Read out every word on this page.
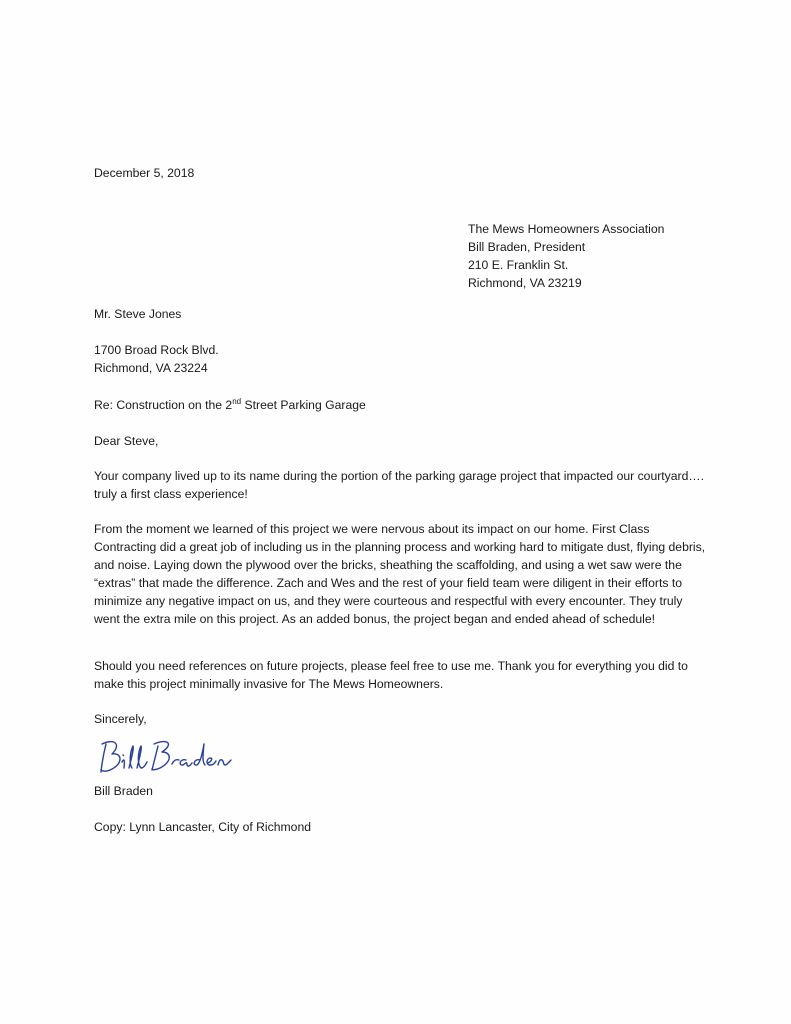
December 5, 2018
The Mews Homeowners Association
Bill Braden, President
210 E. Franklin St.
Richmond, VA 23219
Mr. Steve Jones
1700 Broad Rock Blvd.
Richmond, VA 23224
Re: Construction on the 2nd Street Parking Garage
Dear Steve,

Your company lived up to its name during the portion of the parking garage project that impacted our courtyard…. truly a first class experience!

From the moment we learned of this project we were nervous about its impact on our home. First Class Contracting did a great job of including us in the planning process and working hard to mitigate dust, flying debris, and noise. Laying down the plywood over the bricks, sheathing the scaffolding, and using a wet saw were the “extras” that made the difference. Zach and Wes and the rest of your field team were diligent in their efforts to minimize any negative impact on us, and they were courteous and respectful with every encounter. They truly went the extra mile on this project. As an added bonus, the project began and ended ahead of schedule!

Should you need references on future projects, please feel free to use me. Thank you for everything you did to make this project minimally invasive for The Mews Homeowners.

Sincerely,
Bill Braden
Copy: Lynn Lancaster, City of Richmond
